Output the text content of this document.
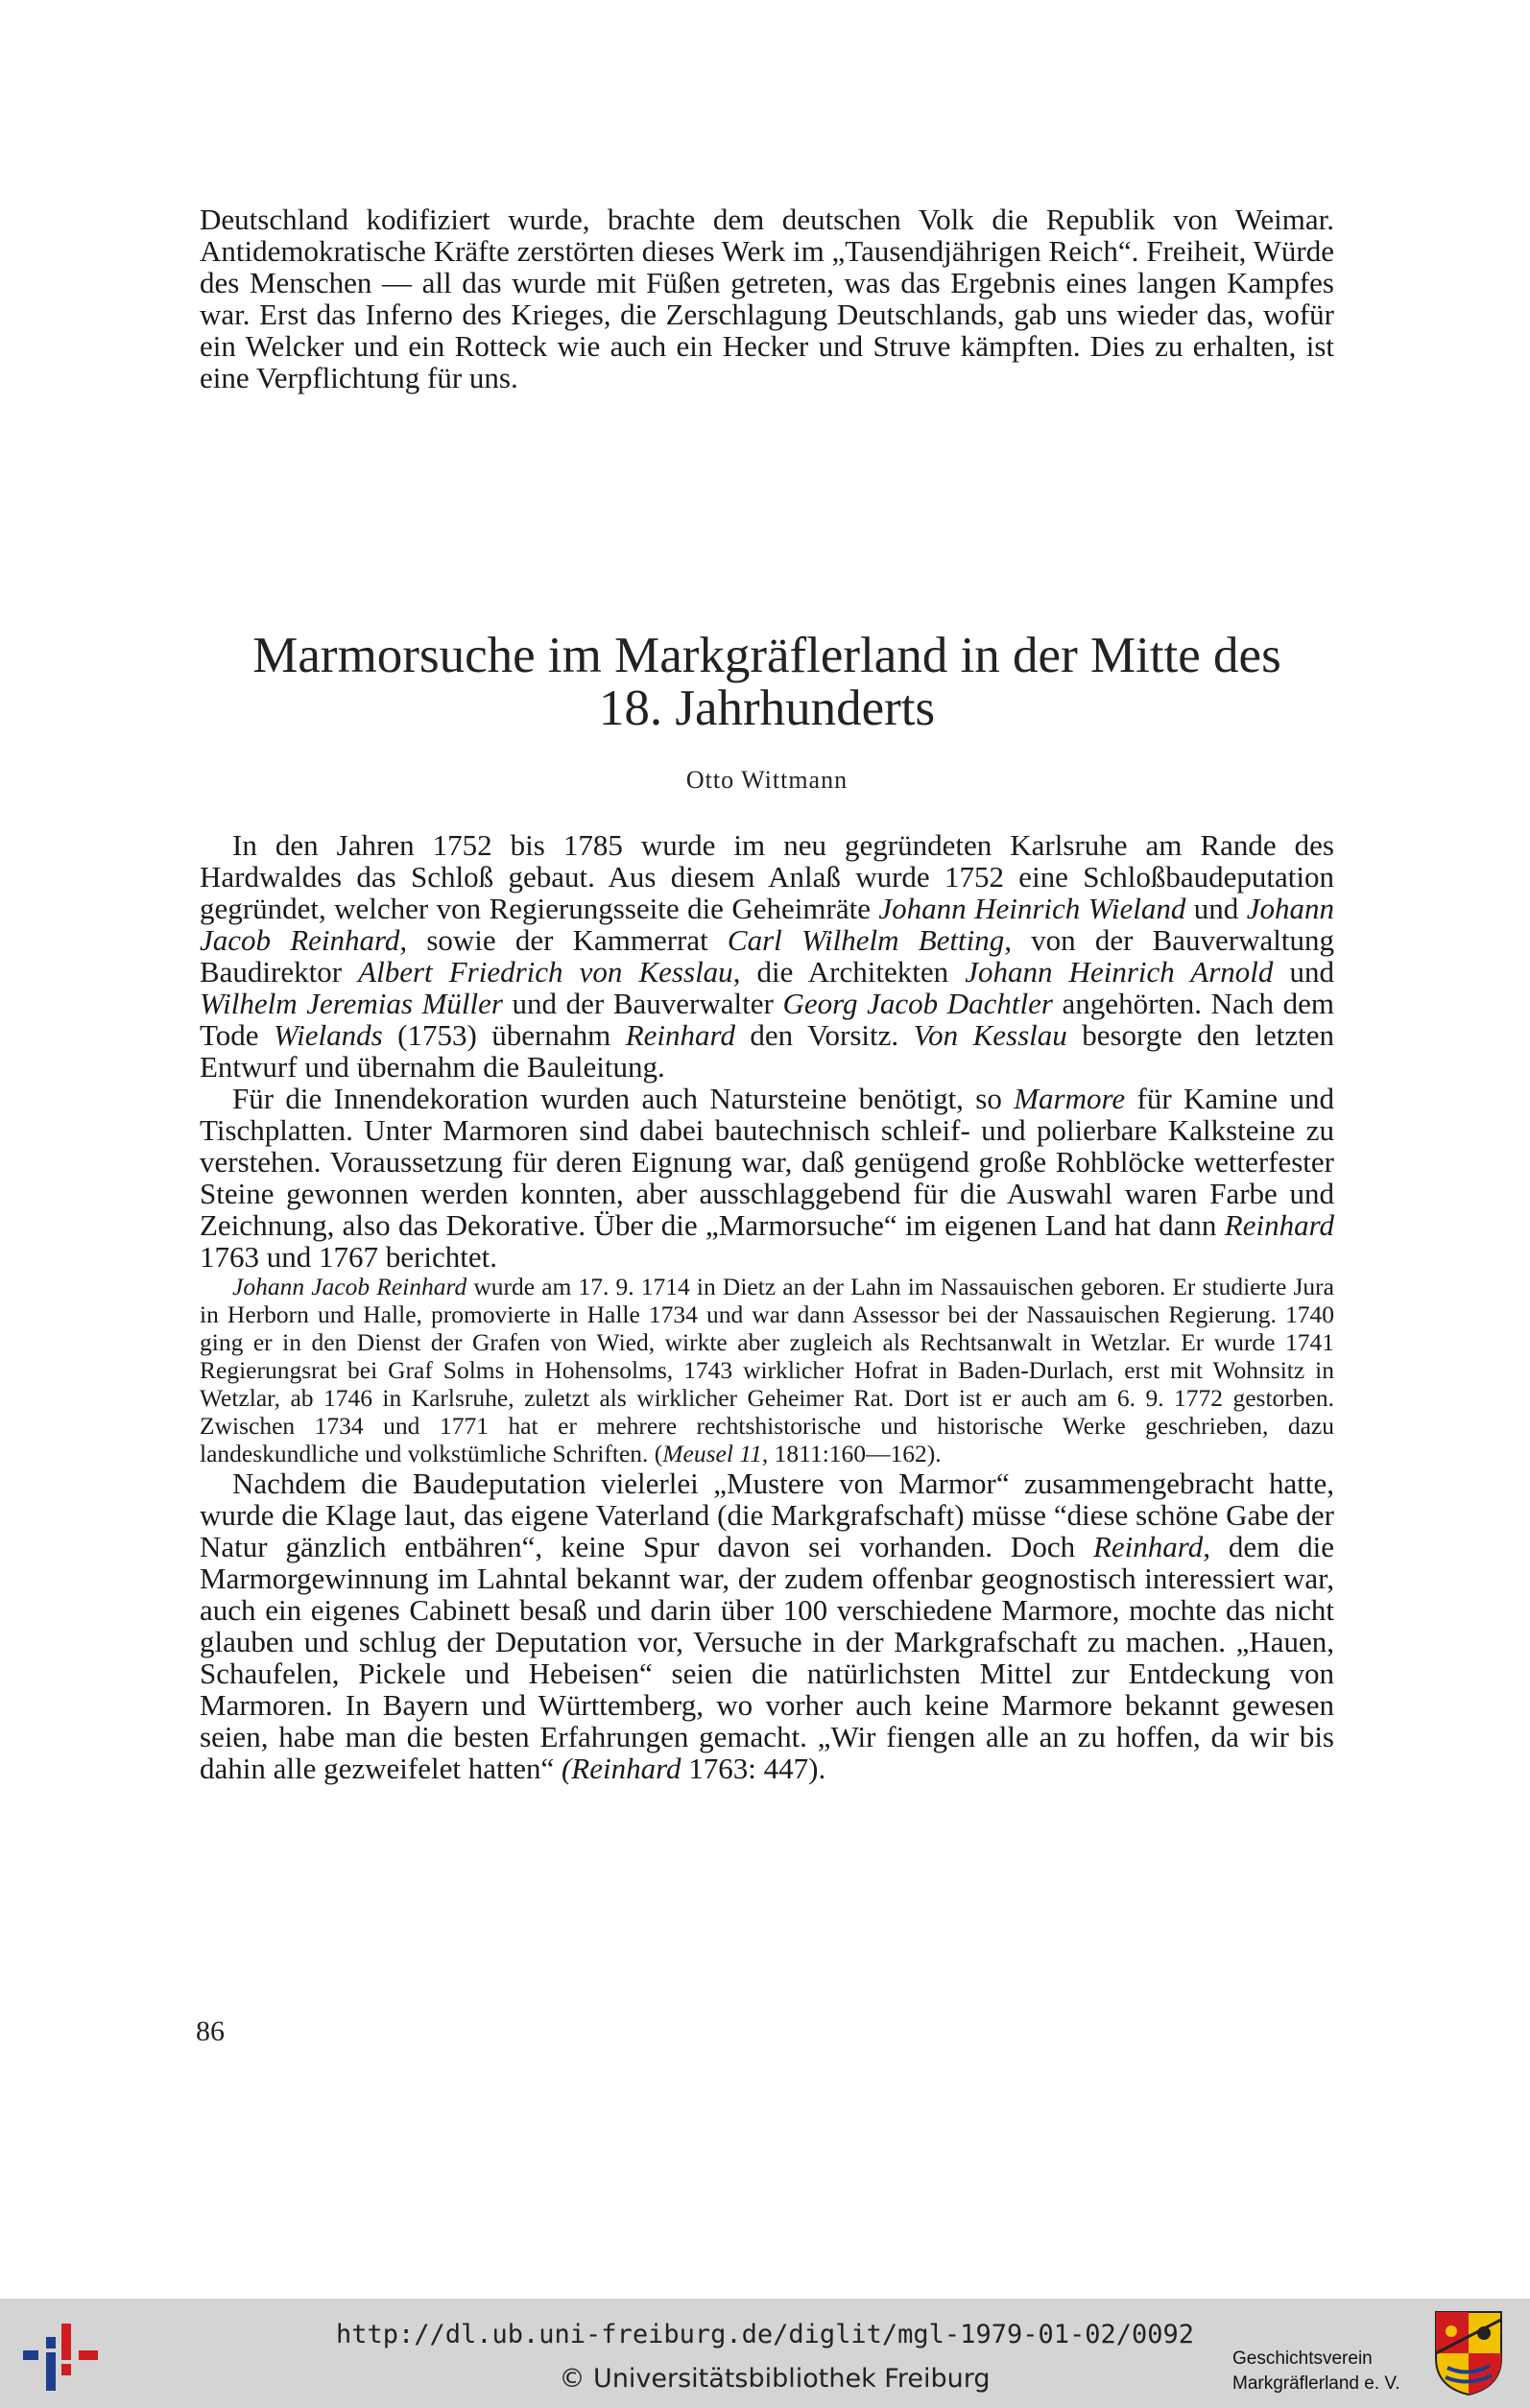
Deutschland kodifiziert wurde, brachte dem deutschen Volk die Republik von Weimar. Antidemokratische Kräfte zerstörten dieses Werk im „Tausendjährigen Reich“. Freiheit, Würde des Menschen — all das wurde mit Füßen getreten, was das Ergebnis eines langen Kampfes war. Erst das Inferno des Krieges, die Zerschlagung Deutschlands, gab uns wieder das, wofür ein Welcker und ein Rotteck wie auch ein Hecker und Struve kämpften. Dies zu erhalten, ist eine Verpflichtung für uns.

Marmorsuche im Markgräflerland in der Mitte des
18. Jahrhunderts
Otto Wittmann

In den Jahren 1752 bis 1785 wurde im neu gegründeten Karlsruhe am Rande des Hardwaldes das Schloß gebaut. Aus diesem Anlaß wurde 1752 eine Schloßbaudeputation gegründet, welcher von Regierungsseite die Geheimräte Johann Heinrich Wieland und Johann Jacob Reinhard, sowie der Kammerrat Carl Wilhelm Betting, von der Bauverwaltung Baudirektor Albert Friedrich von Kesslau, die Architekten Johann Heinrich Arnold und Wilhelm Jeremias Müller und der Bauverwalter Georg Jacob Dachtler angehörten. Nach dem Tode Wielands (1753) übernahm Reinhard den Vorsitz. Von Kesslau besorgte den letzten Entwurf und übernahm die Bauleitung.

Für die Innendekoration wurden auch Natursteine benötigt, so Marmore für Kamine und Tischplatten. Unter Marmoren sind dabei bautechnisch schleif- und polierbare Kalksteine zu verstehen. Voraussetzung für deren Eignung war, daß genügend große Rohblöcke wetterfester Steine gewonnen werden konnten, aber ausschlaggebend für die Auswahl waren Farbe und Zeichnung, also das Dekorative. Über die „Marmorsuche“ im eigenen Land hat dann Reinhard 1763 und 1767 berichtet.

Johann Jacob Reinhard wurde am 17. 9. 1714 in Dietz an der Lahn im Nassauischen geboren. Er studierte Jura in Herborn und Halle, promovierte in Halle 1734 und war dann Assessor bei der Nassauischen Regierung. 1740 ging er in den Dienst der Grafen von Wied, wirkte aber zugleich als Rechtsanwalt in Wetzlar. Er wurde 1741 Regierungsrat bei Graf Solms in Hohensolms, 1743 wirklicher Hofrat in Baden-Durlach, erst mit Wohnsitz in Wetzlar, ab 1746 in Karlsruhe, zuletzt als wirklicher Geheimer Rat. Dort ist er auch am 6. 9. 1772 gestorben. Zwischen 1734 und 1771 hat er mehrere rechtshistorische und historische Werke geschrieben, dazu landeskundliche und volkstümliche Schriften. (Meusel 11, 1811:160—162).

Nachdem die Baudeputation vielerlei „Mustere von Marmor“ zusammengebracht hatte, wurde die Klage laut, das eigene Vaterland (die Markgrafschaft) müsse “diese schöne Gabe der Natur gänzlich entbähren“, keine Spur davon sei vorhanden. Doch Reinhard, dem die Marmorgewinnung im Lahntal bekannt war, der zudem offenbar geognostisch interessiert war, auch ein eigenes Cabinett besaß und darin über 100 verschiedene Marmore, mochte das nicht glauben und schlug der Deputation vor, Versuche in der Markgrafschaft zu machen. „Hauen, Schaufelen, Pickele und Hebeisen“ seien die natürlichsten Mittel zur Entdeckung von Marmoren. In Bayern und Württemberg, wo vorher auch keine Marmore bekannt gewesen seien, habe man die besten Erfahrungen gemacht. „Wir fiengen alle an zu hoffen, da wir bis dahin alle gezweifelet hatten“ (Reinhard 1763: 447).

86
http://dl.ub.uni-freiburg.de/diglit/mgl-1979-01-02/0092
© Universitätsbibliothek Freiburg
Geschichtsverein
Markgräflerland e. V.
